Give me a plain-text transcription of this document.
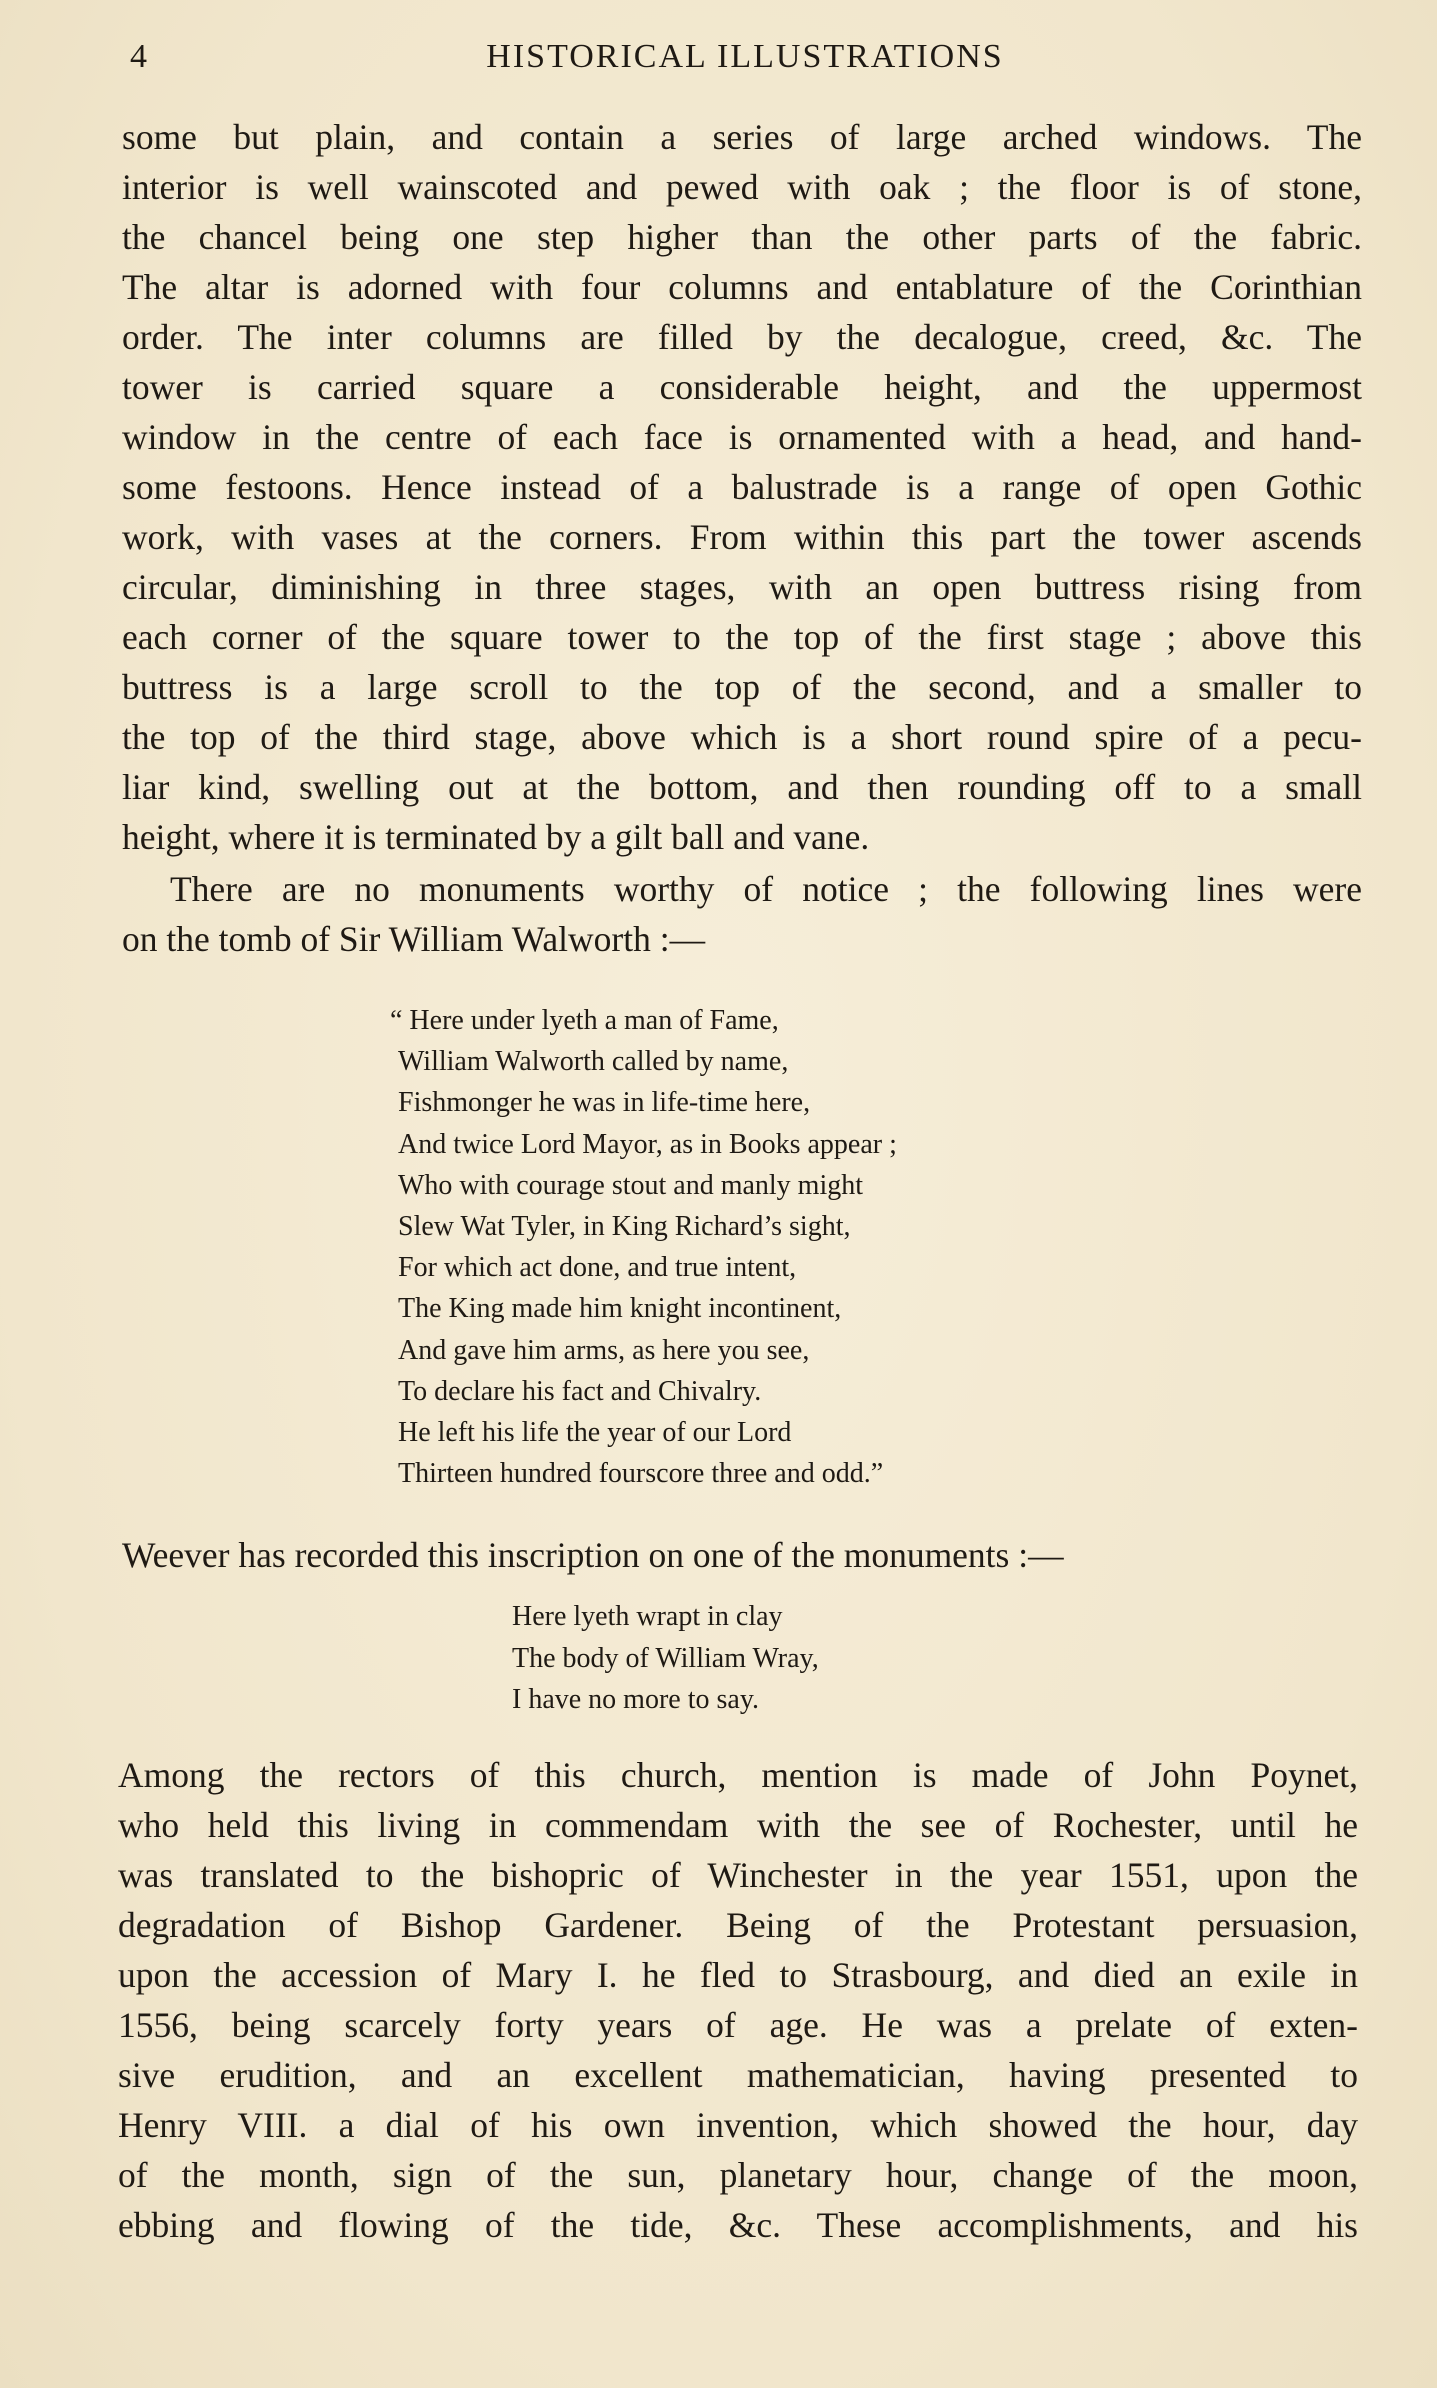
4	HISTORICAL ILLUSTRATIONS
some but plain, and contain a series of large arched windows. The
interior is well wainscoted and pewed with oak ; the floor is of stone,
the chancel being one step higher than the other parts of the fabric.
The altar is adorned with four columns and entablature of the Corinthian
order. The inter columns are filled by the decalogue, creed, &c. The
tower is carried square a considerable height, and the uppermost
window in the centre of each face is ornamented with a head, and hand-
some festoons. Hence instead of a balustrade is a range of open Gothic
work, with vases at the corners. From within this part the tower ascends
circular, diminishing in three stages, with an open buttress rising from
each corner of the square tower to the top of the first stage ; above this
buttress is a large scroll to the top of the second, and a smaller to
the top of the third stage, above which is a short round spire of a pecu-
liar kind, swelling out at the bottom, and then rounding off to a small
height, where it is terminated by a gilt ball and vane.
There are no monuments worthy of notice ; the following lines were
on the tomb of Sir William Walworth :—
“ Here under lyeth a man of Fame,
William Walworth called by name,
Fishmonger he was in life-time here,
And twice Lord Mayor, as in Books appear ;
Who with courage stout and manly might
Slew Wat Tyler, in King Richard’s sight,
For which act done, and true intent,
The King made him knight incontinent,
And gave him arms, as here you see,
To declare his fact and Chivalry.
He left his life the year of our Lord
Thirteen hundred fourscore three and odd.”
Weever has recorded this inscription on one of the monuments :—
Here lyeth wrapt in clay
The body of William Wray,
I have no more to say.
Among the rectors of this church, mention is made of John Poynet,
who held this living in commendam with the see of Rochester, until he
was translated to the bishopric of Winchester in the year 1551, upon the
degradation of Bishop Gardener. Being of the Protestant persuasion,
upon the accession of Mary I. he fled to Strasbourg, and died an exile in
1556, being scarcely forty years of age. He was a prelate of exten-
sive erudition, and an excellent mathematician, having presented to
Henry VIII. a dial of his own invention, which showed the hour, day
of the month, sign of the sun, planetary hour, change of the moon,
ebbing and flowing of the tide, &c. These accomplishments, and his
